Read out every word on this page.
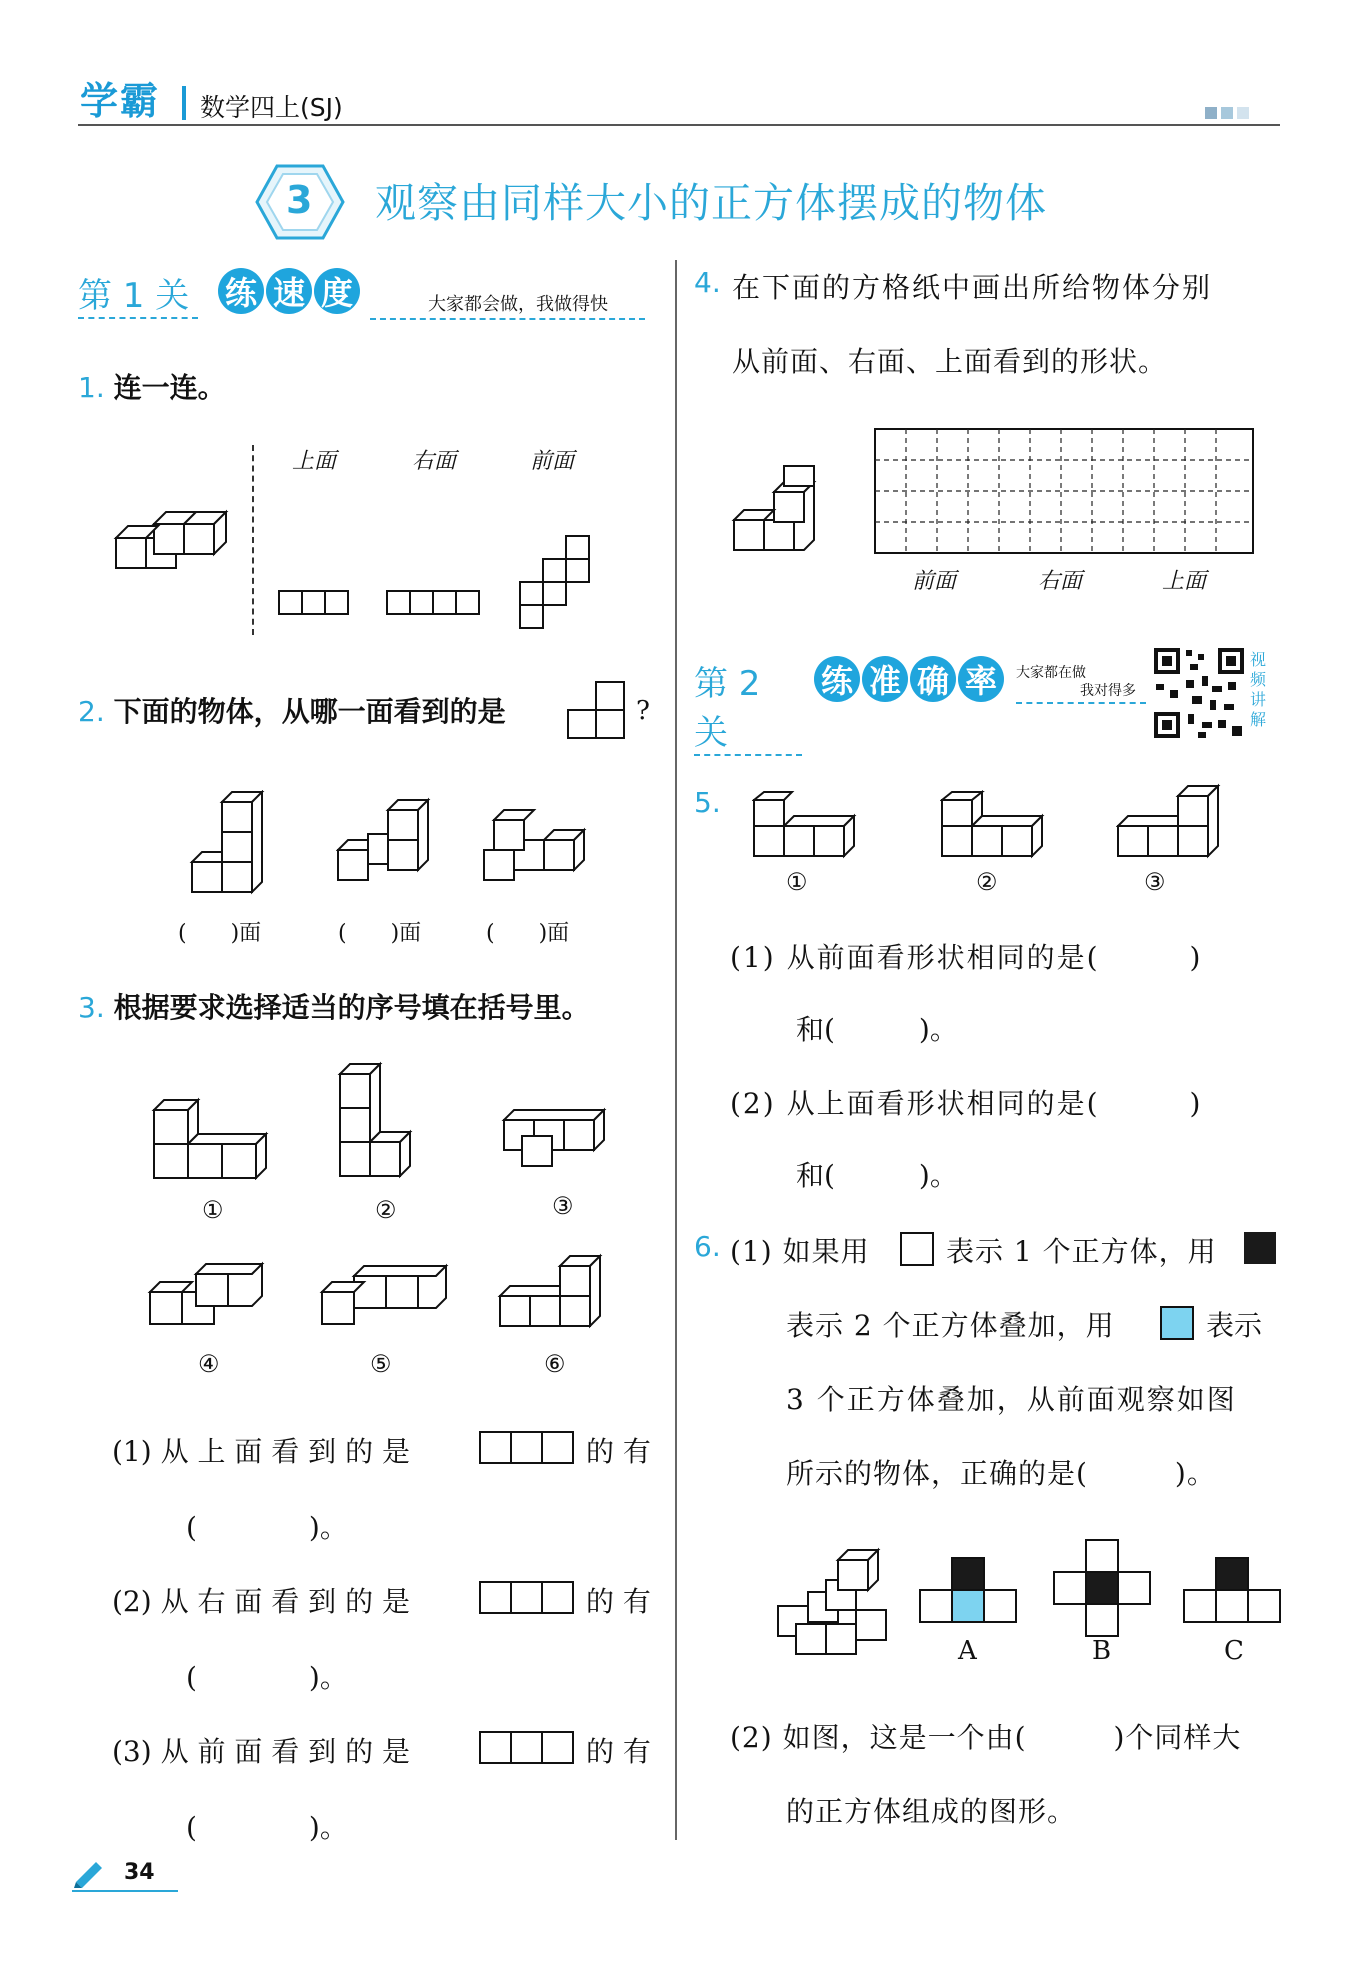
学霸 数学四上(SJ)
3 观察由同样大小的正方体摆成的物体
第 1 关 练 速 度	大家都会做，我做得快
1. 连一连。
上面	右面	前面
2. 下面的物体，从哪一面看到的是	?
(　　)面	(　　)面	(　　)面
3. 根据要求选择适当的序号填在括号里。
①	②	③
④	⑤	⑥
(1) 从 上 面 看 到 的 是	的 有
(　　　　)。
(2) 从 右 面 看 到 的 是	的 有
(　　　　)。
(3) 从 前 面 看 到 的 是	的 有
(　　　　)。
4. 在下面的方格纸中画出所给物体分别
从前面、右面、上面看到的形状。
前面	右面	上面
第 2 关
练 准 确 率	大家都在做
我对得多
视频讲解
5.
①	②	③
(1) 从前面看形状相同的是(　　　)
和(　　　)。
(2) 从上面看形状相同的是(　　　)
和(　　　)。
6. (1) 如果用	表示 1 个正方体，用
表示 2 个正方体叠加，用	表示
3 个正方体叠加，从前面观察如图
所示的物体，正确的是(　　　)。
A	B	C
(2) 如图，这是一个由(　　　)个同样大
的正方体组成的图形。
34
